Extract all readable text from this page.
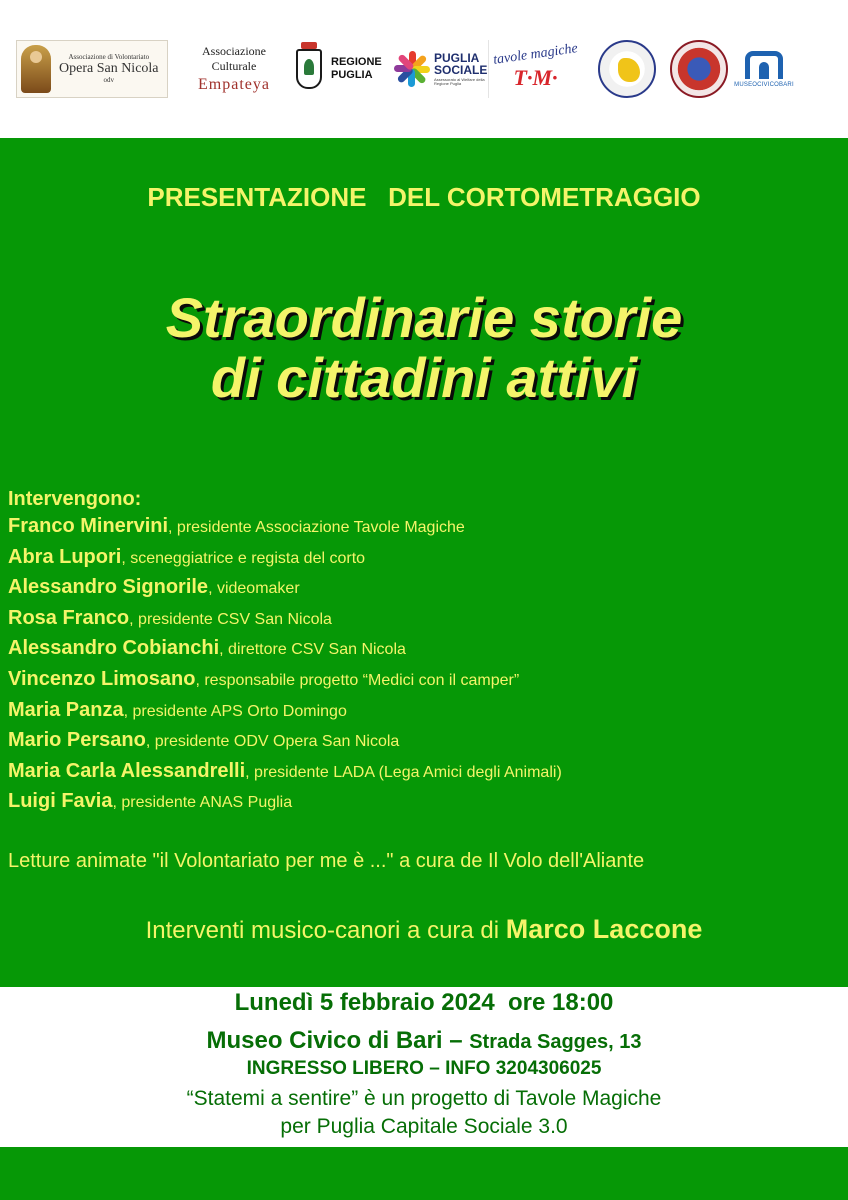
Associazione di Volontariato
Opera San Nicola
odv
Associazione Culturale
Empateya
REGIONE
PUGLIA
PUGLIA
SOCIALE
Assessorato al Welfare della Regione Puglia
tavole magiche
T·M·	MUSEOCIVICOBARI
PRESENTAZIONE   DEL CORTOMETRAGGIO
Straordinarie storie
di cittadini attivi
Intervengono:
Franco Minervini, presidente Associazione Tavole Magiche
Abra Lupori, sceneggiatrice e regista del corto
Alessandro Signorile, videomaker
Rosa Franco, presidente CSV San Nicola
Alessandro Cobianchi, direttore CSV San Nicola
Vincenzo Limosano, responsabile progetto “Medici con il camper”
Maria Panza, presidente APS Orto Domingo
Mario Persano, presidente ODV Opera San Nicola
Maria Carla Alessandrelli, presidente LADA (Lega Amici degli Animali)
Luigi Favia, presidente ANAS Puglia
Letture animate "il Volontariato per me è ..." a cura de Il Volo dell'Aliante
Interventi musico-canori a cura di Marco Laccone
Lunedì 5 febbraio 2024  ore 18:00
Museo Civico di Bari – Strada Sagges, 13
INGRESSO LIBERO – INFO 3204306025
“Statemi a sentire” è un progetto di Tavole Magiche
per Puglia Capitale Sociale 3.0
